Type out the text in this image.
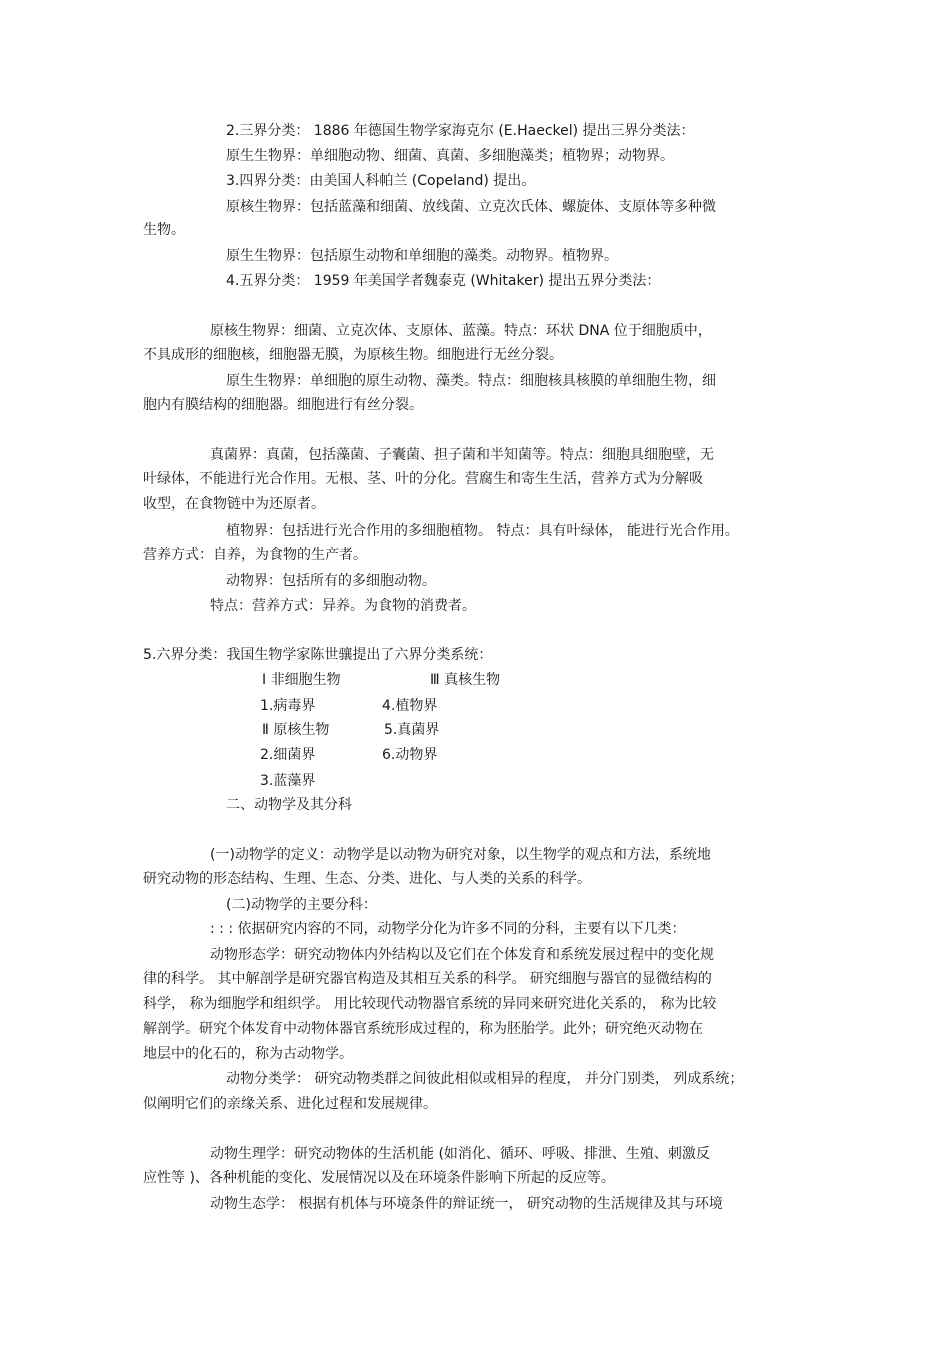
2.三界分类： 1886 年德国生物学家海克尔 (E.Haeckel) 提出三界分类法：
原生生物界：单细胞动物、细菌、真菌、多细胞藻类；植物界；动物界。
3.四界分类：由美国人科帕兰 (Copeland) 提出。
原核生物界：包括蓝藻和细菌、放线菌、立克次氏体、螺旋体、支原体等多种微
生物。
原生生物界：包括原生动物和单细胞的藻类。动物界。植物界。
4.五界分类： 1959 年美国学者魏泰克 (Whitaker) 提出五界分类法：
原核生物界：细菌、立克次体、支原体、蓝藻。特点：环状 DNA 位于细胞质中，
不具成形的细胞核，细胞器无膜，为原核生物。细胞进行无丝分裂。
原生生物界：单细胞的原生动物、藻类。特点：细胞核具核膜的单细胞生物，细
胞内有膜结构的细胞器。细胞进行有丝分裂。
真菌界：真菌，包括藻菌、子囊菌、担子菌和半知菌等。特点：细胞具细胞壁，无
叶绿体，不能进行光合作用。无根、茎、叶的分化。营腐生和寄生生活，营养方式为分解吸
收型，在食物链中为还原者。
植物界：包括进行光合作用的多细胞植物。 特点：具有叶绿体， 能进行光合作用。
营养方式：自养，为食物的生产者。
动物界：包括所有的多细胞动物。
特点：营养方式：异养。为食物的消费者。
5.六界分类：我国生物学家陈世骧提出了六界分类系统：
Ⅰ 非细胞生物	Ⅲ 真核生物
1.病毒界	4.植物界
Ⅱ 原核生物	5.真菌界
2.细菌界	6.动物界
3.蓝藻界
二、动物学及其分科
(一)动物学的定义：动物学是以动物为研究对象，以生物学的观点和方法，系统地
研究动物的形态结构、生理、生态、分类、进化、与人类的关系的科学。
(二)动物学的主要分科：
: : : 依据研究内容的不同，动物学分化为许多不同的分科，主要有以下几类：
动物形态学：研究动物体内外结构以及它们在个体发育和系统发展过程中的变化规
律的科学。 其中解剖学是研究器官构造及其相互关系的科学。 研究细胞与器官的显微结构的
科学， 称为细胞学和组织学。 用比较现代动物器官系统的异同来研究进化关系的， 称为比较
解剖学。研究个体发育中动物体器官系统形成过程的，称为胚胎学。此外；研究绝灭动物在
地层中的化石的，称为古动物学。
动物分类学： 研究动物类群之间彼此相似或相异的程度， 并分门别类， 列成系统；
似阐明它们的亲缘关系、进化过程和发展规律。
动物生理学：研究动物体的生活机能 (如消化、循环、呼吸、排泄、生殖、刺激反
应性等 )、各种机能的变化、发展情况以及在环境条件影响下所起的反应等。
动物生态学： 根据有机体与环境条件的辩证统一， 研究动物的生活规律及其与环境
